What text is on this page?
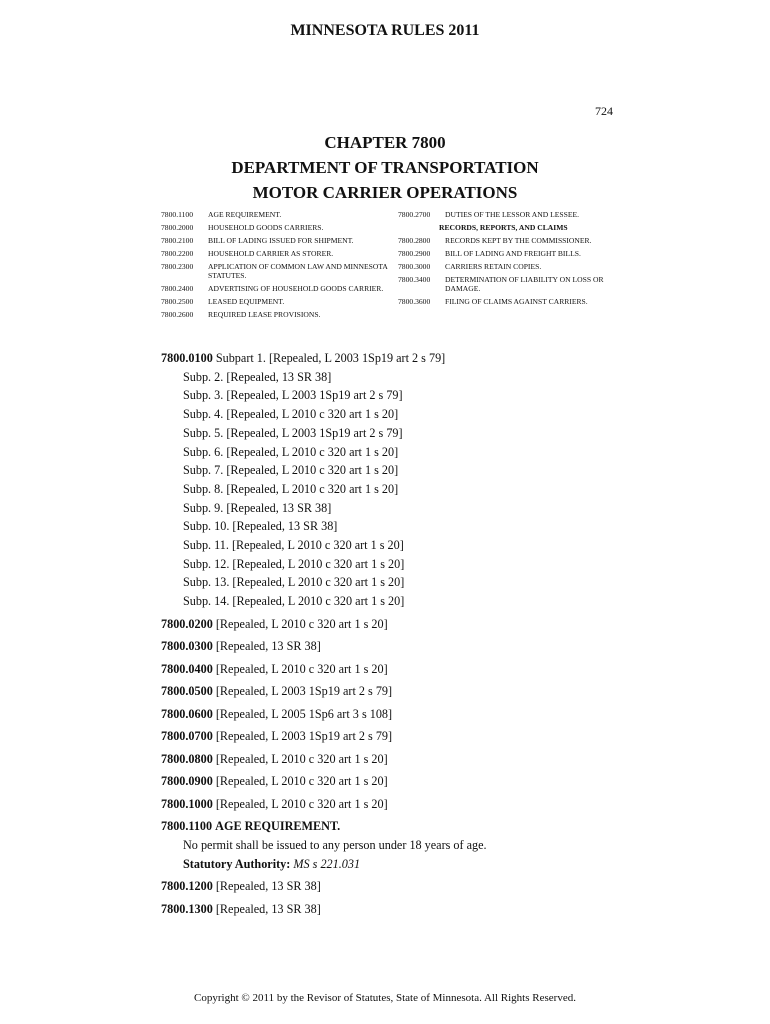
MINNESOTA RULES 2011
724
CHAPTER 7800
DEPARTMENT OF TRANSPORTATION
MOTOR CARRIER OPERATIONS
7800.1100	AGE REQUIREMENT.
7800.2000	HOUSEHOLD GOODS CARRIERS.
7800.2100	BILL OF LADING ISSUED FOR SHIPMENT.
7800.2200	HOUSEHOLD CARRIER AS STORER.
7800.2300	APPLICATION OF COMMON LAW AND MINNESOTA STATUTES.
7800.2400	ADVERTISING OF HOUSEHOLD GOODS CARRIER.
7800.2500	LEASED EQUIPMENT.
7800.2600	REQUIRED LEASE PROVISIONS.
7800.2700	DUTIES OF THE LESSOR AND LESSEE.
RECORDS, REPORTS, AND CLAIMS
7800.2800	RECORDS KEPT BY THE COMMISSIONER.
7800.2900	BILL OF LADING AND FREIGHT BILLS.
7800.3000	CARRIERS RETAIN COPIES.
7800.3400	DETERMINATION OF LIABILITY ON LOSS OR DAMAGE.
7800.3600	FILING OF CLAIMS AGAINST CARRIERS.
7800.0100 Subpart 1. [Repealed, L 2003 1Sp19 art 2 s 79]
Subp. 2. [Repealed, 13 SR 38]
Subp. 3. [Repealed, L 2003 1Sp19 art 2 s 79]
Subp. 4. [Repealed, L 2010 c 320 art 1 s 20]
Subp. 5. [Repealed, L 2003 1Sp19 art 2 s 79]
Subp. 6. [Repealed, L 2010 c 320 art 1 s 20]
Subp. 7. [Repealed, L 2010 c 320 art 1 s 20]
Subp. 8. [Repealed, L 2010 c 320 art 1 s 20]
Subp. 9. [Repealed, 13 SR 38]
Subp. 10. [Repealed, 13 SR 38]
Subp. 11. [Repealed, L 2010 c 320 art 1 s 20]
Subp. 12. [Repealed, L 2010 c 320 art 1 s 20]
Subp. 13. [Repealed, L 2010 c 320 art 1 s 20]
Subp. 14. [Repealed, L 2010 c 320 art 1 s 20]
7800.0200 [Repealed, L 2010 c 320 art 1 s 20]
7800.0300 [Repealed, 13 SR 38]
7800.0400 [Repealed, L 2010 c 320 art 1 s 20]
7800.0500 [Repealed, L 2003 1Sp19 art 2 s 79]
7800.0600 [Repealed, L 2005 1Sp6 art 3 s 108]
7800.0700 [Repealed, L 2003 1Sp19 art 2 s 79]
7800.0800 [Repealed, L 2010 c 320 art 1 s 20]
7800.0900 [Repealed, L 2010 c 320 art 1 s 20]
7800.1000 [Repealed, L 2010 c 320 art 1 s 20]
7800.1100 AGE REQUIREMENT.
No permit shall be issued to any person under 18 years of age.
Statutory Authority: MS s 221.031
7800.1200 [Repealed, 13 SR 38]
7800.1300 [Repealed, 13 SR 38]
Copyright © 2011 by the Revisor of Statutes, State of Minnesota. All Rights Reserved.
